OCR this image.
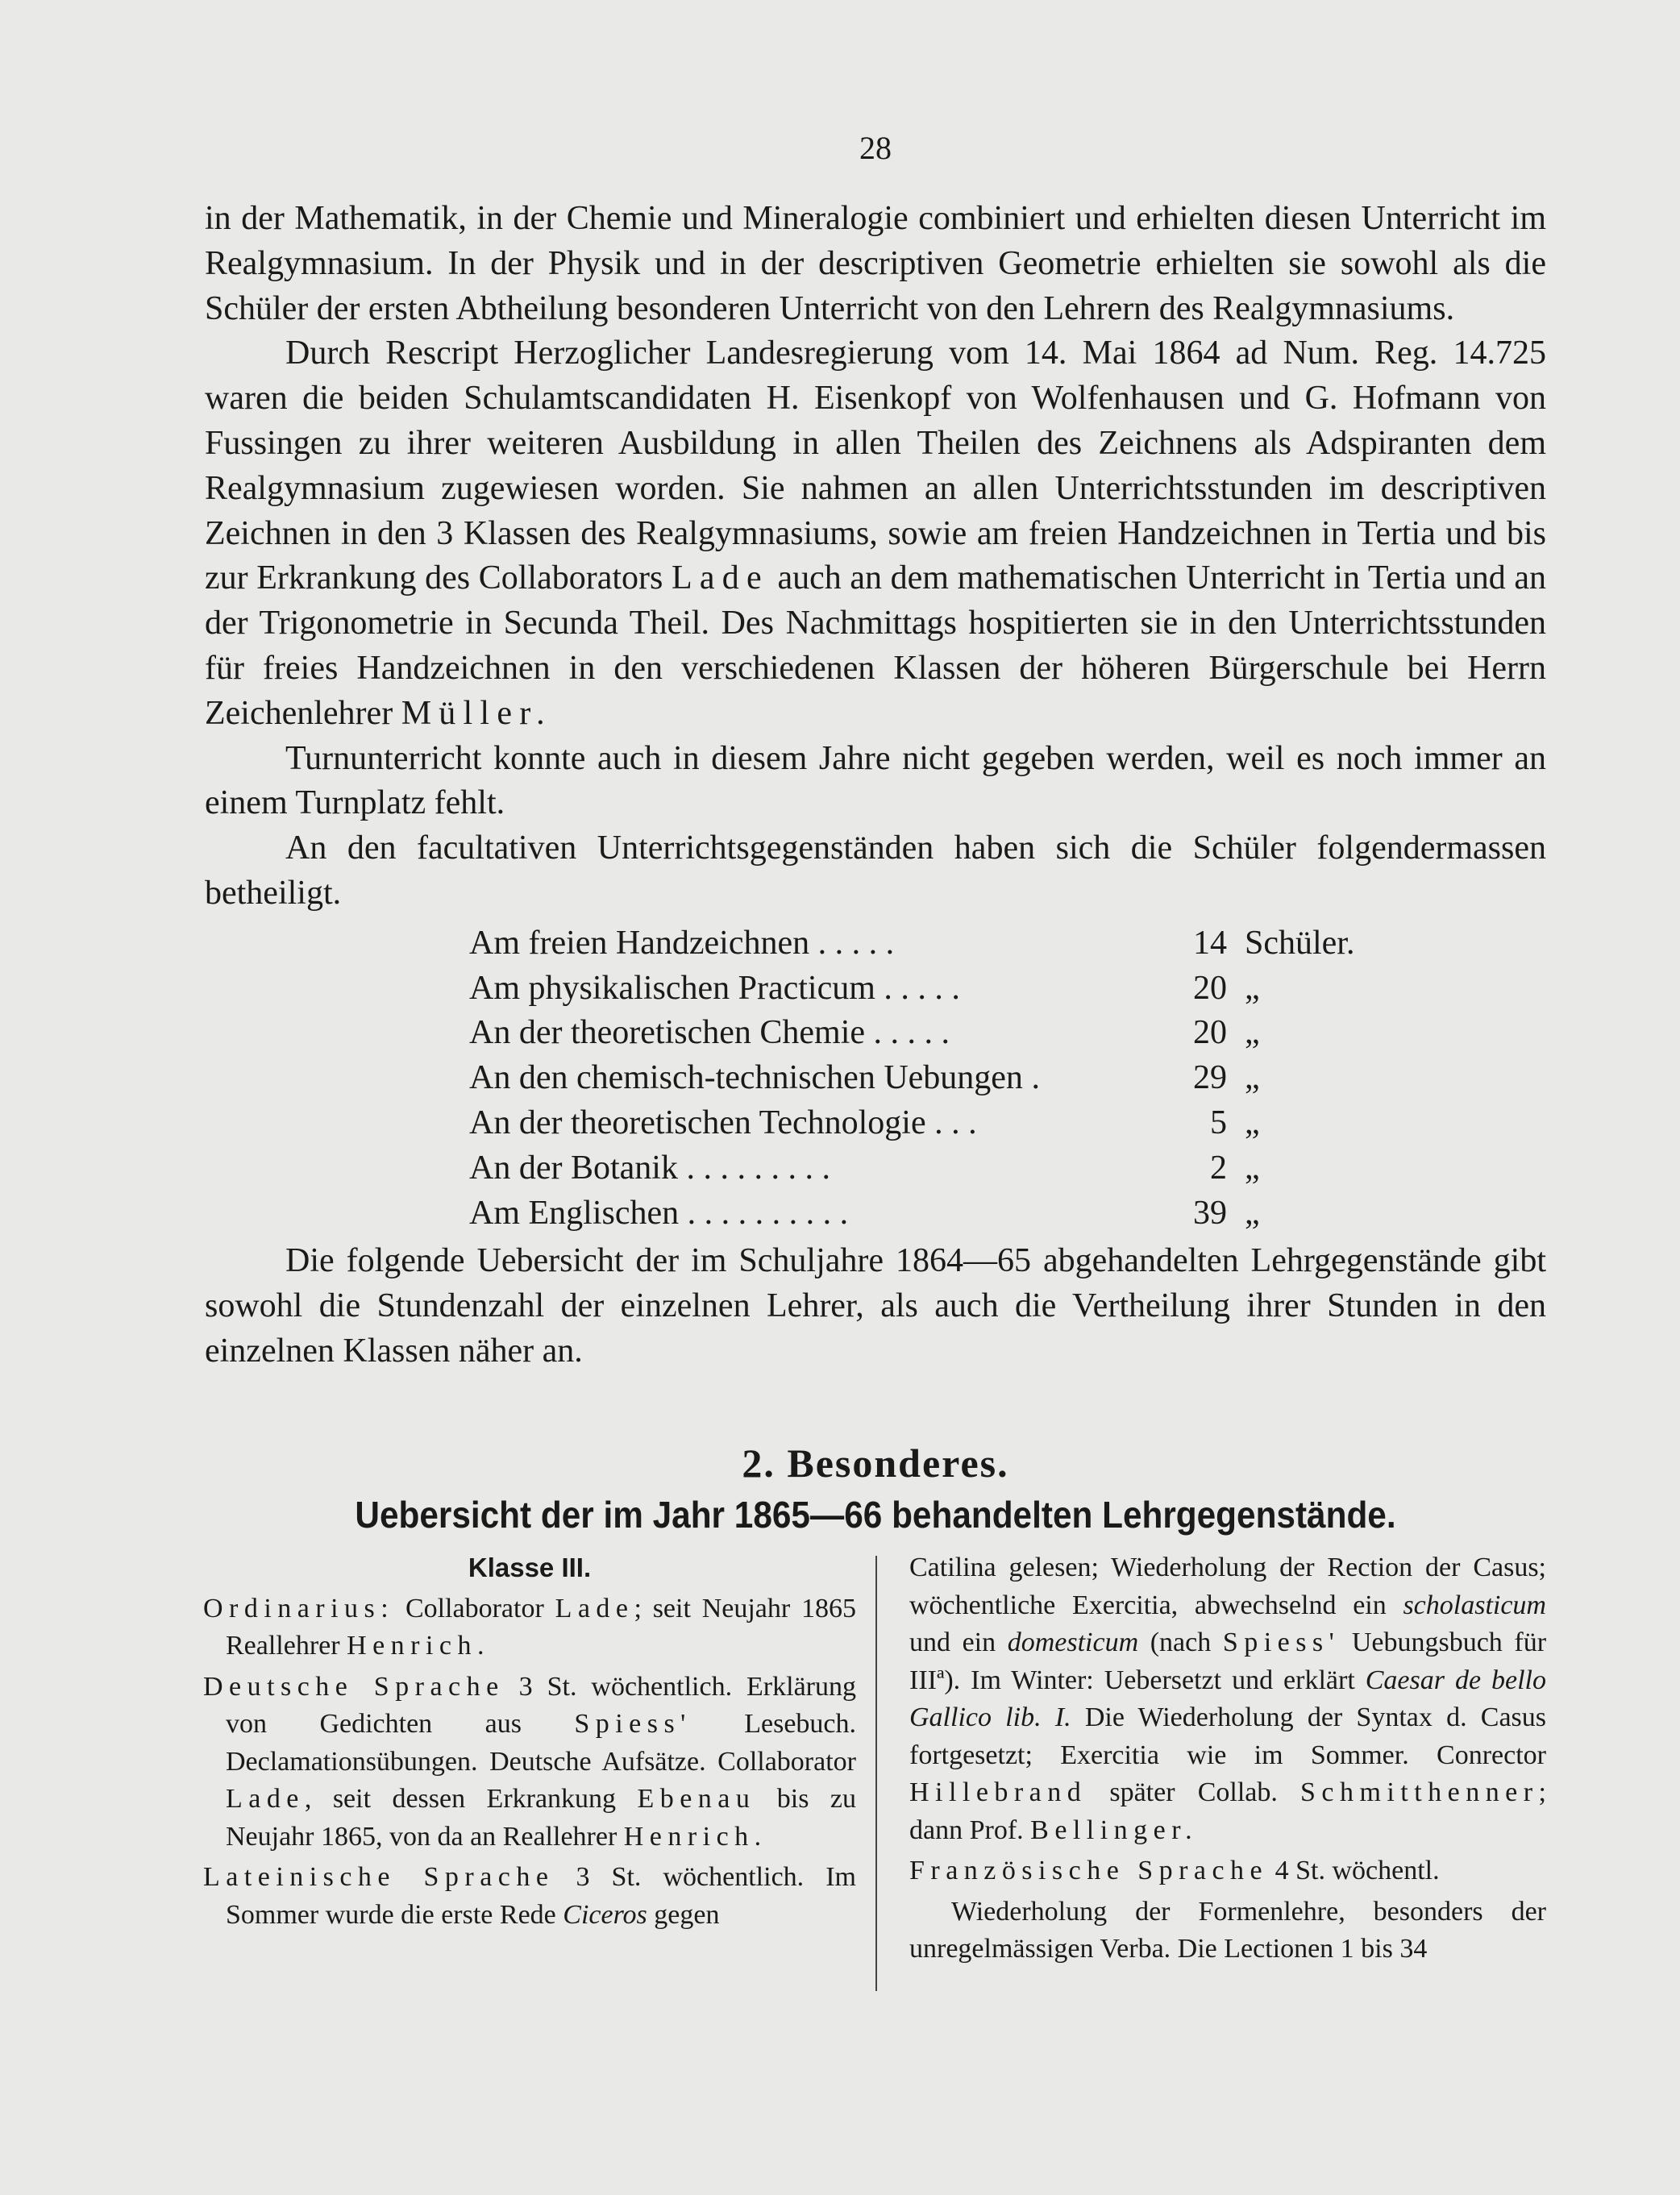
28

in der Mathematik, in der Chemie und Mineralogie combiniert und erhielten diesen Unterricht im Realgymnasium. In der Physik und in der descriptiven Geometrie erhielten sie sowohl als die Schüler der ersten Abtheilung besonderen Unterricht von den Lehrern des Realgymnasiums.

Durch Rescript Herzoglicher Landesregierung vom 14. Mai 1864 ad Num. Reg. 14.725 waren die beiden Schulamtscandidaten H. Eisenkopf von Wolfenhausen und G. Hofmann von Fussingen zu ihrer weiteren Ausbildung in allen Theilen des Zeichnens als Adspiranten dem Realgymnasium zugewiesen worden. Sie nahmen an allen Unterrichtsstunden im descriptiven Zeichnen in den 3 Klassen des Realgymnasiums, sowie am freien Handzeichnen in Tertia und bis zur Erkrankung des Collaborators Lade auch an dem mathematischen Unterricht in Tertia und an der Trigonometrie in Secunda Theil. Des Nachmittags hospitierten sie in den Unterrichtsstunden für freies Handzeichnen in den verschiedenen Klassen der höheren Bürgerschule bei Herrn Zeichenlehrer Müller.

Turnunterricht konnte auch in diesem Jahre nicht gegeben werden, weil es noch immer an einem Turnplatz fehlt.

An den facultativen Unterrichtsgegenständen haben sich die Schüler folgendermassen betheiligt.

Am freien Handzeichnen . . . . .	14	Schüler.
Am physikalischen Practicum . . . . .	20	„
An der theoretischen Chemie . . . . .	20	„
An den chemisch-technischen Uebungen .	29	„
An der theoretischen Technologie . . .	5	„
An der Botanik . . . . . . . . .	2	„
Am Englischen . . . . . . . . . .	39	„

Die folgende Uebersicht der im Schuljahre 1864—65 abgehandelten Lehrgegenstände gibt sowohl die Stundenzahl der einzelnen Lehrer, als auch die Vertheilung ihrer Stunden in den einzelnen Klassen näher an.

2. Besonderes.
Uebersicht der im Jahr 1865—66 behandelten Lehrgegenstände.

Klasse III.

Ordinarius: Collaborator Lade; seit Neujahr 1865 Reallehrer Henrich.

Deutsche Sprache 3 St. wöchentlich. Erklärung von Gedichten aus Spiess' Lesebuch. Declamationsübungen. Deutsche Aufsätze. Collaborator Lade, seit dessen Erkrankung Ebenau bis zu Neujahr 1865, von da an Reallehrer Henrich.

Lateinische Sprache 3 St. wöchentlich. Im Sommer wurde die erste Rede Ciceros gegen

Catilina gelesen; Wiederholung der Rection der Casus; wöchentliche Exercitia, abwechselnd ein scholasticum und ein domesticum (nach Spiess' Uebungsbuch für IIIª). Im Winter: Uebersetzt und erklärt Caesar de bello Gallico lib. I. Die Wiederholung der Syntax d. Casus fortgesetzt; Exercitia wie im Sommer. Conrector Hillebrand später Collab. Schmitthenner; dann Prof. Bellinger.

Französische Sprache 4 St. wöchentl.

Wiederholung der Formenlehre, besonders der unregelmässigen Verba. Die Lectionen 1 bis 34
